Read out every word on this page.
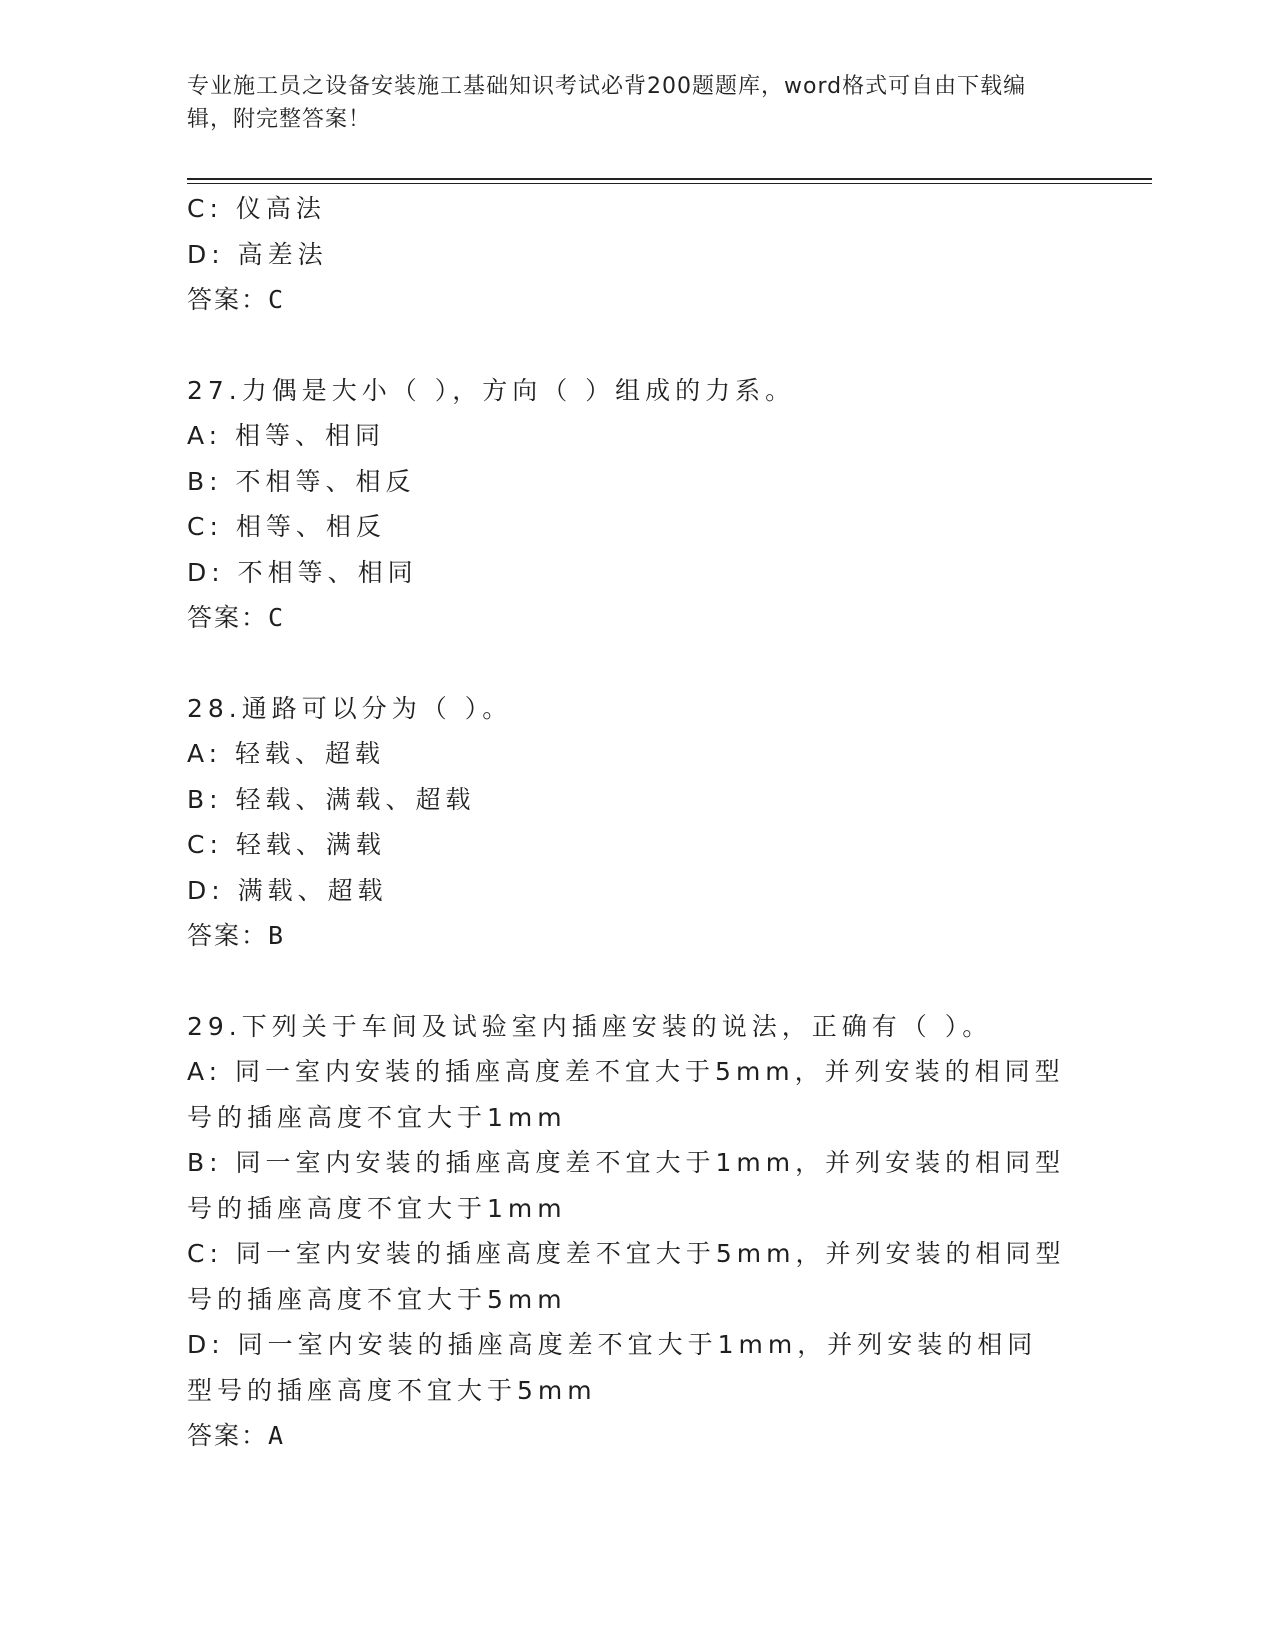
专业施工员之设备安装施工基础知识考试必背200题题库，word格式可自由下载编辑，附完整答案！
C: 仪高法
D: 高差法
答案：C
27.力偶是大小（ ），方向（ ）组成的力系。
A: 相等、相同
B: 不相等、相反
C: 相等、相反
D: 不相等、相同
答案：C
28.通路可以分为（ ）。
A: 轻载、超载
B: 轻载、满载、超载
C: 轻载、满载
D: 满载、超载
答案：B
29.下列关于车间及试验室内插座安装的说法，正确有（ ）。
A: 同一室内安装的插座高度差不宜大于5mm，并列安装的相同型号的插座高度不宜大于1mm
B: 同一室内安装的插座高度差不宜大于1mm，并列安装的相同型号的插座高度不宜大于1mm
C: 同一室内安装的插座高度差不宜大于5mm，并列安装的相同型号的插座高度不宜大于5mm
D: 同一室内安装的插座高度差不宜大于1mm，并列安装的相同型号的插座高度不宜大于5mm
答案：A
